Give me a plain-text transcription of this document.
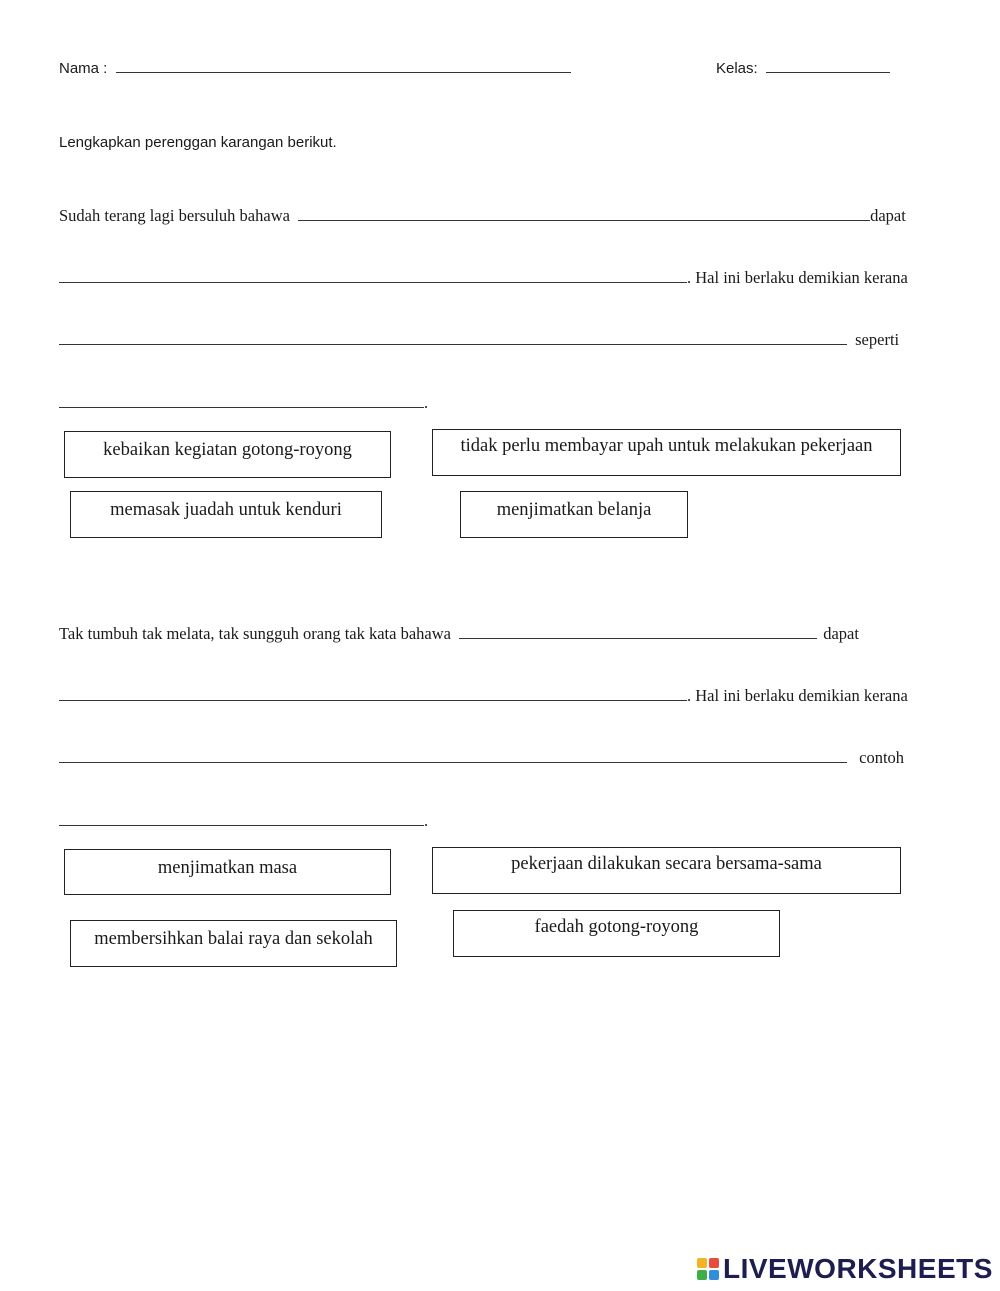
Nama :	Kelas:
Lengkapkan perenggan karangan berikut.
Sudah terang lagi bersuluh bahawa	dapat
. Hal ini berlaku demikian kerana
seperti
.
kebaikan kegiatan gotong-royong	tidak perlu membayar upah untuk melakukan pekerjaan
memasak juadah untuk kenduri	menjimatkan belanja
Tak tumbuh tak melata, tak sungguh orang tak kata bahawa	dapat
. Hal ini berlaku demikian kerana
contoh
.
menjimatkan masa	pekerjaan dilakukan secara bersama-sama
membersihkan balai raya dan sekolah
faedah gotong-royong
LIVEWORKSHEETS
